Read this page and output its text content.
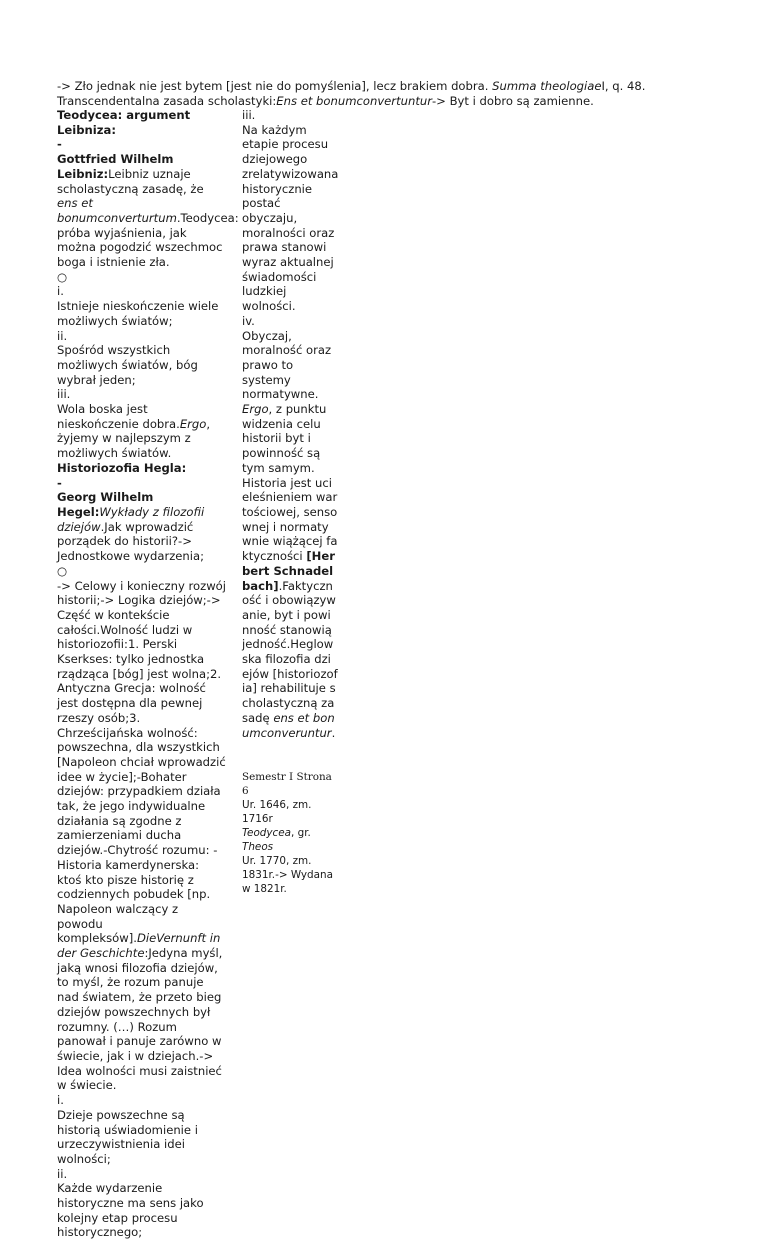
-> Zło jednak nie jest bytem [jest nie do pomyślenia], lecz brakiem dobra. Summa theologiaeI, q. 48.
Transcendentalna zasada scholastyki:Ens et bonumconvertuntur-> Byt i dobro są zamienne.
Teodycea: argument Leibniza:
-
Gottfried Wilhelm Leibniz:Leibniz uznaje scholastyczną zasadę, że ens et bonumconverturtum.Teodycea: próba wyjaśnienia, jak można pogodzić wszechmoc boga i istnienie zła.
○
i.
Istnieje nieskończenie wiele możliwych światów;
ii.
Spośród wszystkich możliwych światów, bóg wybrał jeden;
iii.
Wola boska jest nieskończenie dobra.Ergo, żyjemy w najlepszym z możliwych światów.
Historiozofia Hegla:
-
Georg Wilhelm Hegel:Wykłady z filozofii dziejów.Jak wprowadzić porządek do historii?-> Jednostkowe wydarzenia;
○
-> Celowy i konieczny rozwój historii;-> Logika dziejów;-> Część w kontekście całości.Wolność ludzi w historiozofii:1. Perski Kserkses: tylko jednostka rządząca [bóg] jest wolna;2. Antyczna Grecja: wolność jest dostępna dla pewnej rzeszy osób;3. Chrześcijańska wolność: powszechna, dla wszystkich [Napoleon chciał wprowadzić idee w życie];-Bohater dziejów: przypadkiem działa tak, że jego indywidualne działania są zgodne z zamierzeniami ducha dziejów.-Chytrość rozumu: -Historia kamerdynerska: ktoś kto pisze historię z codziennych pobudek [np. Napoleon walczący z powodu kompleksów].DieVernunft in der Geschichte:Jedyna myśl, jaką wnosi filozofia dziejów, to myśl, że rozum panuje nad światem, że przeto bieg dziejów powszechnych był rozumny. (…) Rozum panował i panuje zarówno w świecie, jak i w dziejach.-> Idea wolności musi zaistnieć w świecie.
i.
Dzieje powszechne są historią uświadomienie i urzeczywistnienia idei wolności;
ii.
Każde wydarzenie historyczne ma sens jako kolejny etap procesu historycznego;
iii.
Na każdym etapie procesu dziejowego zrelatywizowana historycznie postać obyczaju, moralności oraz prawa stanowi wyraz aktualnej świadomości ludzkiej wolności.
iv.
Obyczaj, moralność oraz prawo to systemy normatywne. Ergo, z punktu widzenia celu historii byt i powinność są tym samym.
Historia jest ucieleśnieniem wartościowej, sensownej i normatywnie wiążącej faktyczności [Herbert Schnadelbach].Faktyczność i obowiązywanie, byt i powinność stanowią jedność.Heglowska filozofia dziejów [historiozofia] rehabilituje scholastyczną zasadę ens et bonumconveruntur.
Semestr I Strona 6
Ur. 1646, zm. 1716r
Teodycea, gr. Theos
Ur. 1770, zm. 1831r.-> Wydana w 1821r.
